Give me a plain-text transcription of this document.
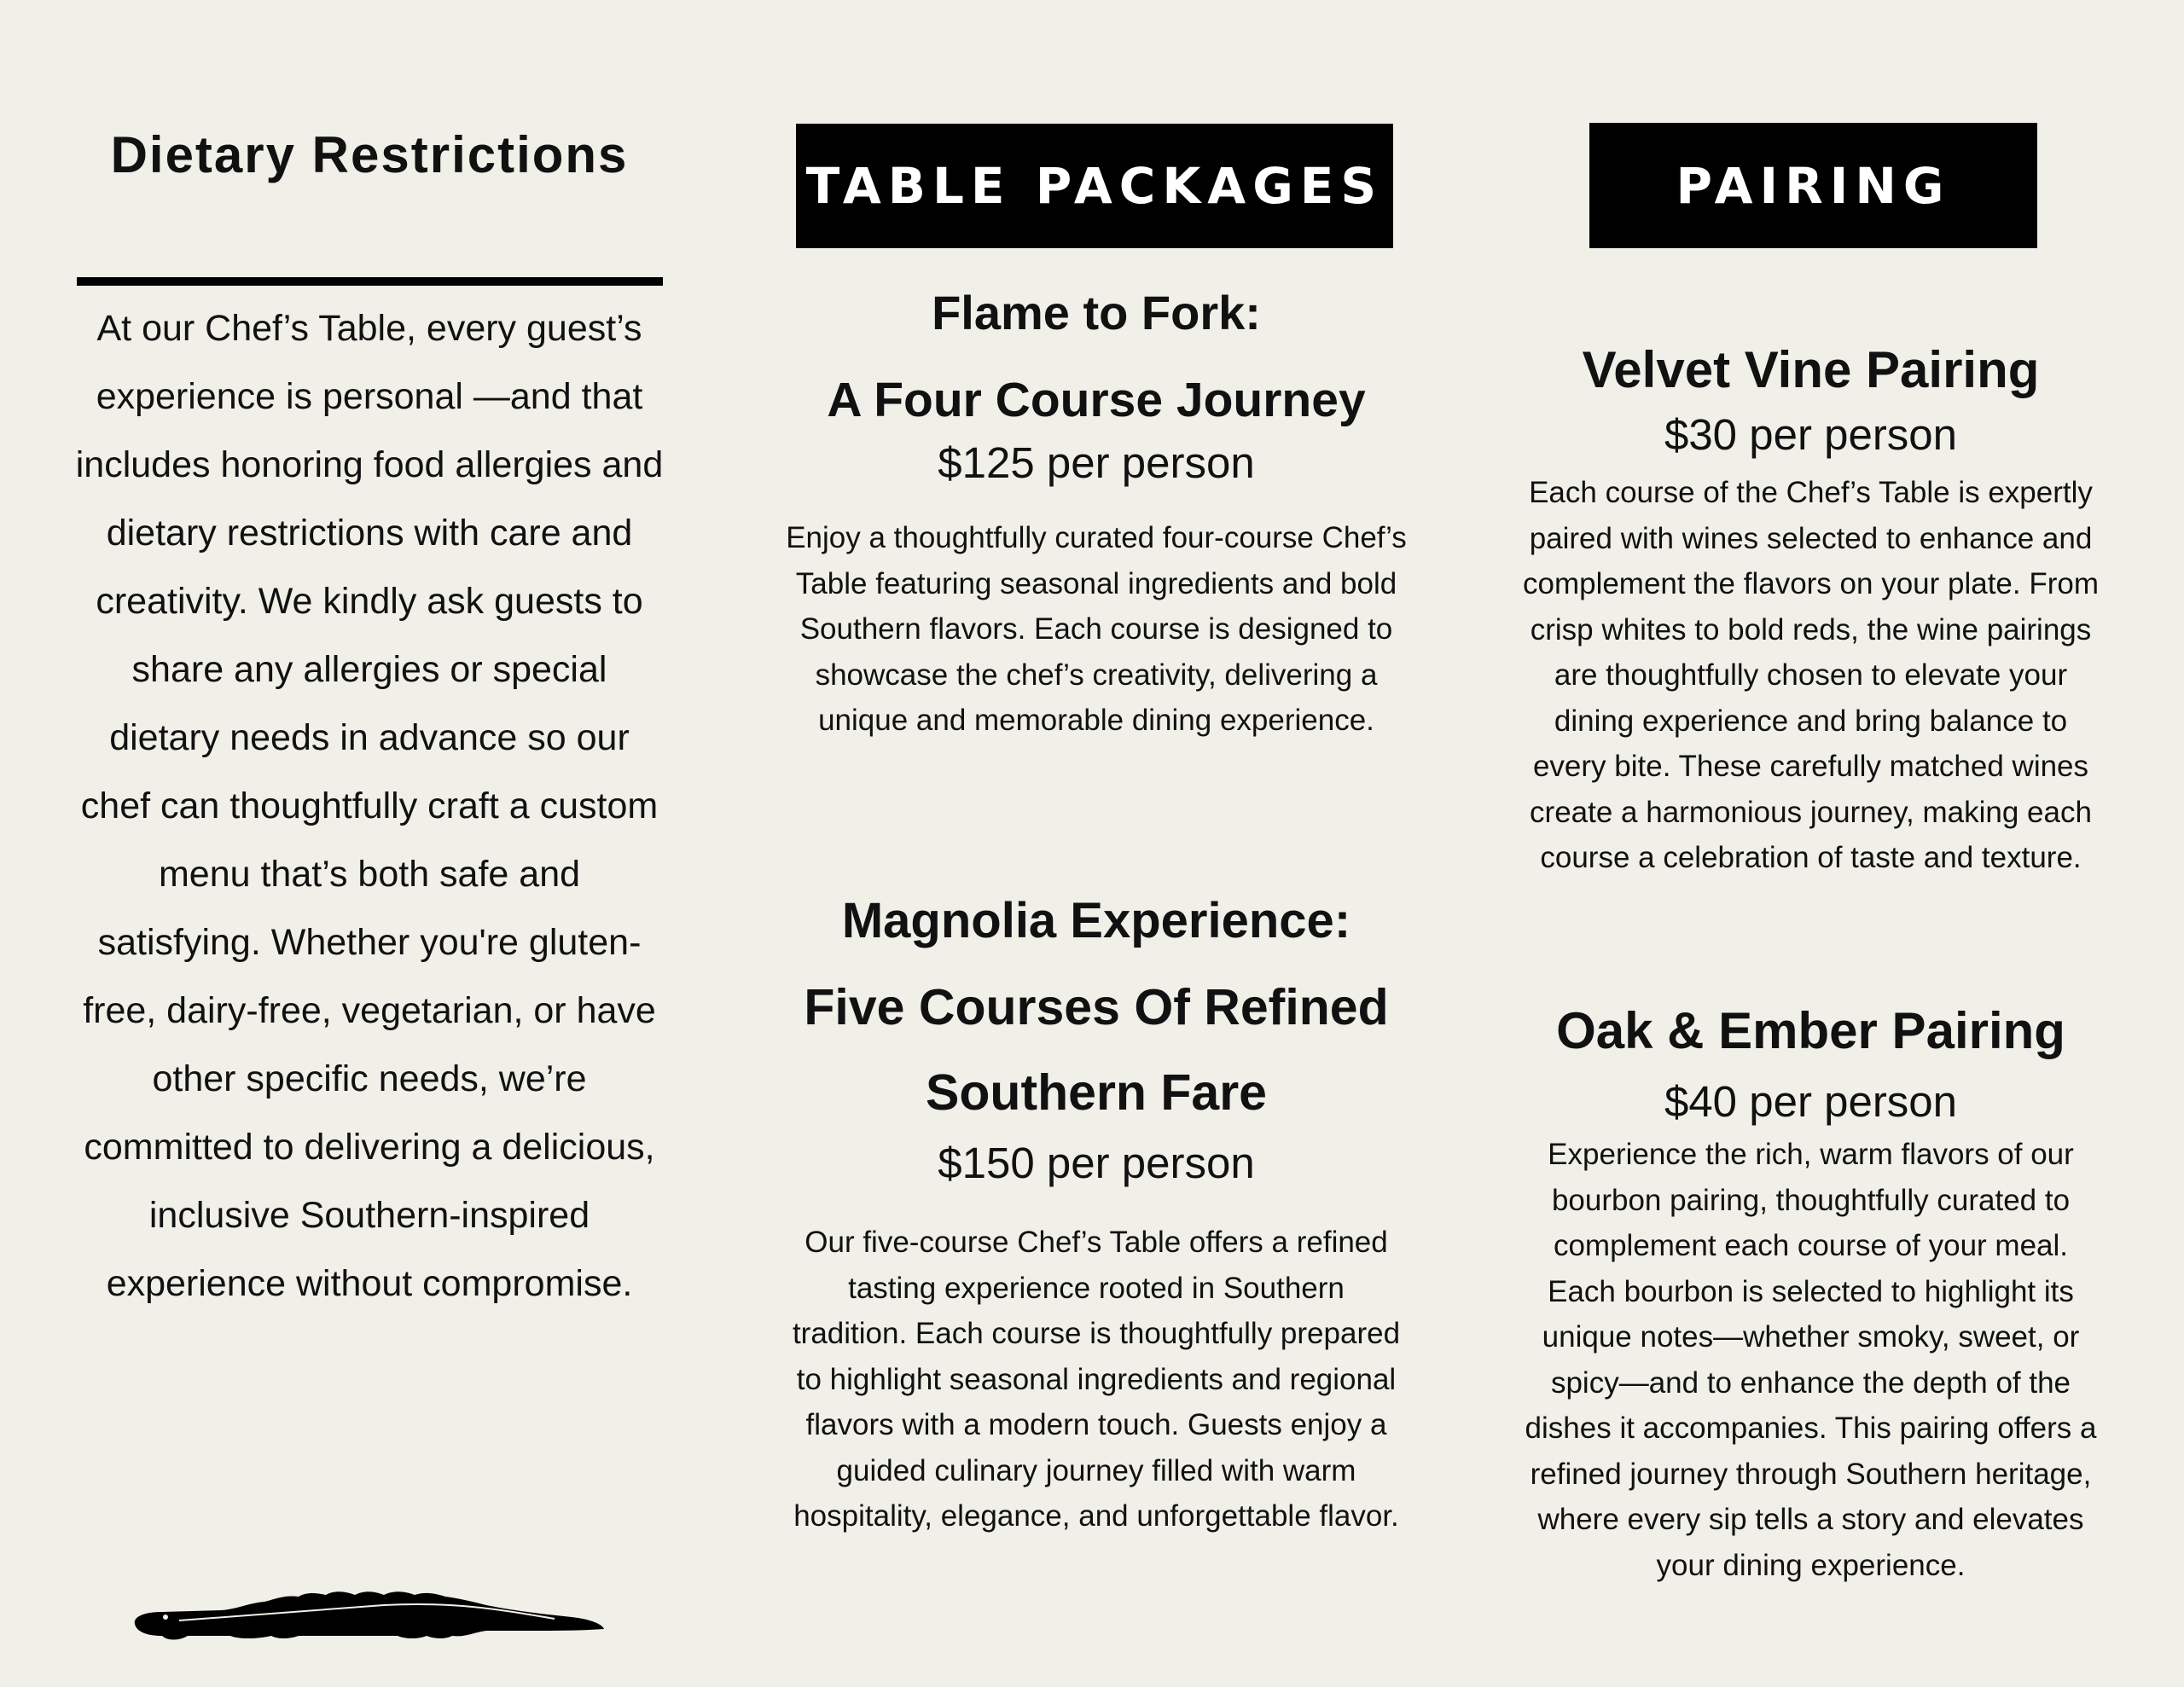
Dietary Restrictions

At our Chef’s Table, every guest’s experience is personal —and that includes honoring food allergies and dietary restrictions with care and creativity. We kindly ask guests to share any allergies or special dietary needs in advance so our chef can thoughtfully craft a custom menu that’s both safe and satisfying. Whether you're gluten-free, dairy-free, vegetarian, or have other specific needs, we’re committed to delivering a delicious, inclusive Southern-inspired experience without compromise.

TABLE PACKAGES
Flame to Fork:
A Four Course Journey
$125 per person

Enjoy a thoughtfully curated four-course Chef’s Table featuring seasonal ingredients and bold Southern flavors. Each course is designed to showcase the chef’s creativity, delivering a unique and memorable dining experience.

Magnolia Experience:
Five Courses Of Refined
Southern Fare
$150 per person

Our five-course Chef’s Table offers a refined tasting experience rooted in Southern tradition. Each course is thoughtfully prepared to highlight seasonal ingredients and regional flavors with a modern touch. Guests enjoy a guided culinary journey filled with warm hospitality, elegance, and unforgettable flavor.

PAIRING
Velvet Vine Pairing
$30 per person

Each course of the Chef’s Table is expertly paired with wines selected to enhance and complement the flavors on your plate. From crisp whites to bold reds, the wine pairings are thoughtfully chosen to elevate your dining experience and bring balance to every bite. These carefully matched wines create a harmonious journey, making each course a celebration of taste and texture.

Oak & Ember Pairing
$40 per person

Experience the rich, warm flavors of our bourbon pairing, thoughtfully curated to complement each course of your meal. Each bourbon is selected to highlight its unique notes—whether smoky, sweet, or spicy—and to enhance the depth of the dishes it accompanies. This pairing offers a refined journey through Southern heritage, where every sip tells a story and elevates your dining experience.
